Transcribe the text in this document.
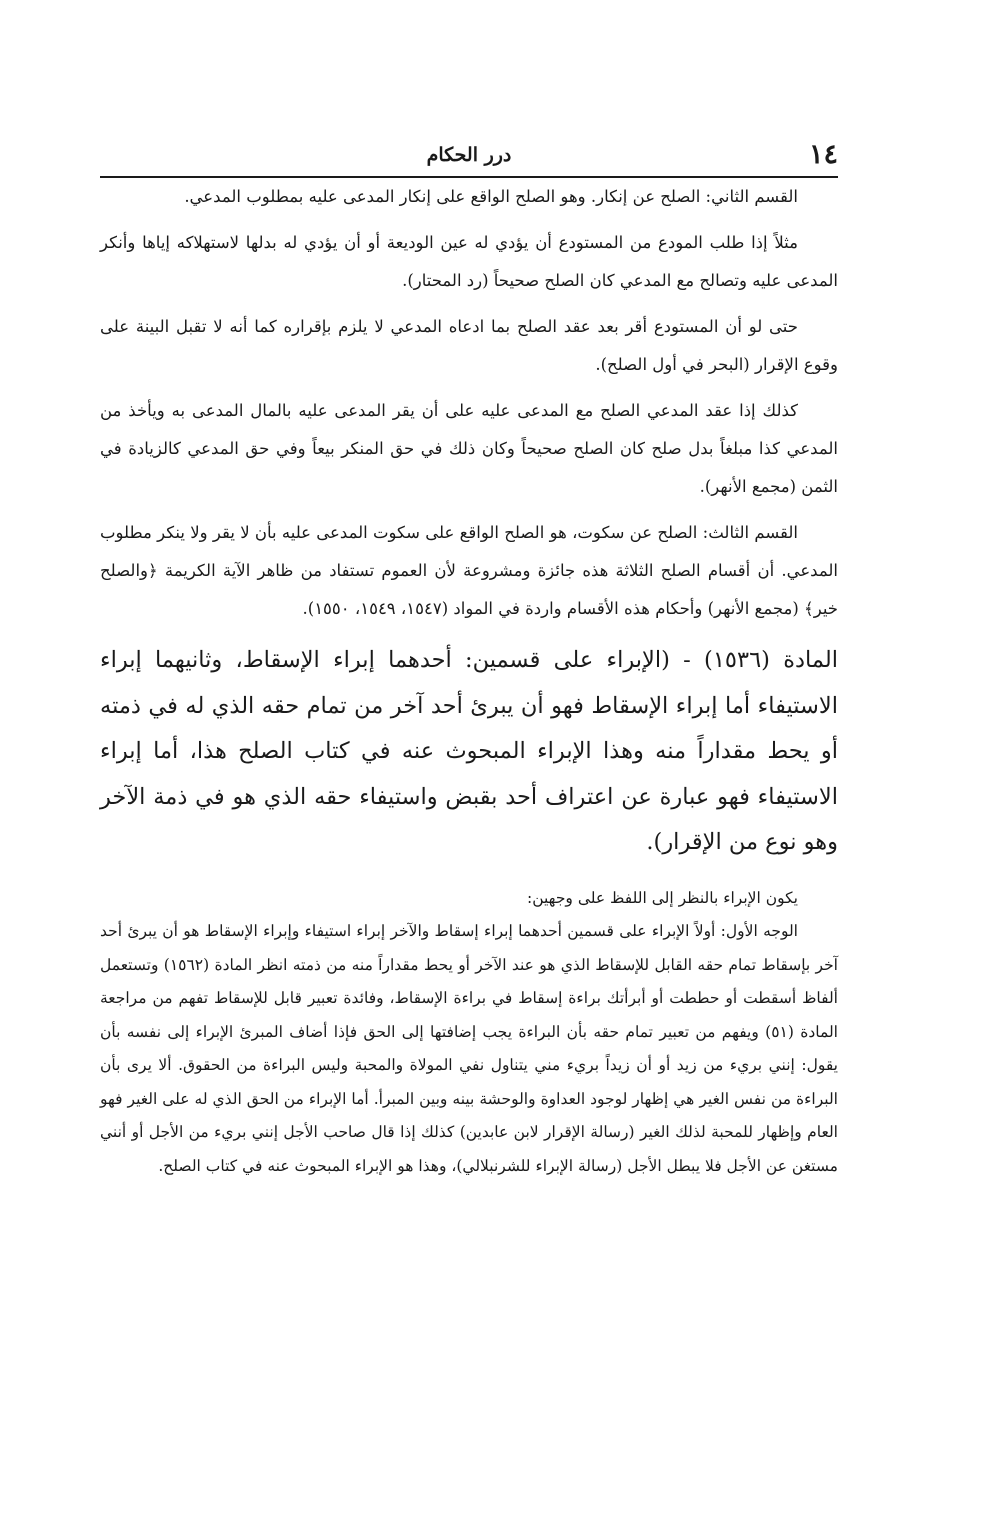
١٤
درر الحكام

القسم الثاني: الصلح عن إنكار. وهو الصلح الواقع على إنكار المدعى عليه بمطلوب المدعي.

مثلاً إذا طلب المودع من المستودع أن يؤدي له عين الوديعة أو أن يؤدي له بدلها لاستهلاكه إياها وأنكر المدعى عليه وتصالح مع المدعي كان الصلح صحيحاً (رد المحتار).

حتى لو أن المستودع أقر بعد عقد الصلح بما ادعاه المدعي لا يلزم بإقراره كما أنه لا تقبل البينة على وقوع الإقرار (البحر في أول الصلح).

كذلك إذا عقد المدعي الصلح مع المدعى عليه على أن يقر المدعى عليه بالمال المدعى به ويأخذ من المدعي كذا مبلغاً بدل صلح كان الصلح صحيحاً وكان ذلك في حق المنكر بيعاً وفي حق المدعي كالزيادة في الثمن (مجمع الأنهر).

القسم الثالث: الصلح عن سكوت، هو الصلح الواقع على سكوت المدعى عليه بأن لا يقر ولا ينكر مطلوب المدعي. أن أقسام الصلح الثلاثة هذه جائزة ومشروعة لأن العموم تستفاد من ظاهر الآية الكريمة ﴿والصلح خير﴾ (مجمع الأنهر) وأحكام هذه الأقسام واردة في المواد (١٥٤٧، ١٥٤٩، ١٥٥٠).

المادة (١٥٣٦) - (الإبراء على قسمين: أحدهما إبراء الإسقاط، وثانيهما إبراء الاستيفاء أما إبراء الإسقاط فهو أن يبرئ أحد آخر من تمام حقه الذي له في ذمته أو يحط مقداراً منه وهذا الإبراء المبحوث عنه في كتاب الصلح هذا، أما إبراء الاستيفاء فهو عبارة عن اعتراف أحد بقبض واستيفاء حقه الذي هو في ذمة الآخر وهو نوع من الإقرار).

يكون الإبراء بالنظر إلى اللفظ على وجهين:

الوجه الأول: أولاً الإبراء على قسمين أحدهما إبراء إسقاط والآخر إبراء استيفاء وإبراء الإسقاط هو أن يبرئ أحد آخر بإسقاط تمام حقه القابل للإسقاط الذي هو عند الآخر أو يحط مقداراً منه من ذمته انظر المادة (١٥٦٢) وتستعمل ألفاظ أسقطت أو حططت أو أبرأتك براءة إسقاط في براءة الإسقاط، وفائدة تعبير قابل للإسقاط تفهم من مراجعة المادة (٥١) ويفهم من تعبير تمام حقه بأن البراءة يجب إضافتها إلى الحق فإذا أضاف المبرئ الإبراء إلى نفسه بأن يقول: إنني بريء من زيد أو أن زيداً بريء مني يتناول نفي المولاة والمحبة وليس البراءة من الحقوق. ألا يرى بأن البراءة من نفس الغير هي إظهار لوجود العداوة والوحشة بينه وبين المبرأ. أما الإبراء من الحق الذي له على الغير فهو العام وإظهار للمحبة لذلك الغير (رسالة الإقرار لابن عابدين) كذلك إذا قال صاحب الأجل إنني بريء من الأجل أو أنني مستغن عن الأجل فلا يبطل الأجل (رسالة الإبراء للشرنبلالي)، وهذا هو الإبراء المبحوث عنه في كتاب الصلح.
